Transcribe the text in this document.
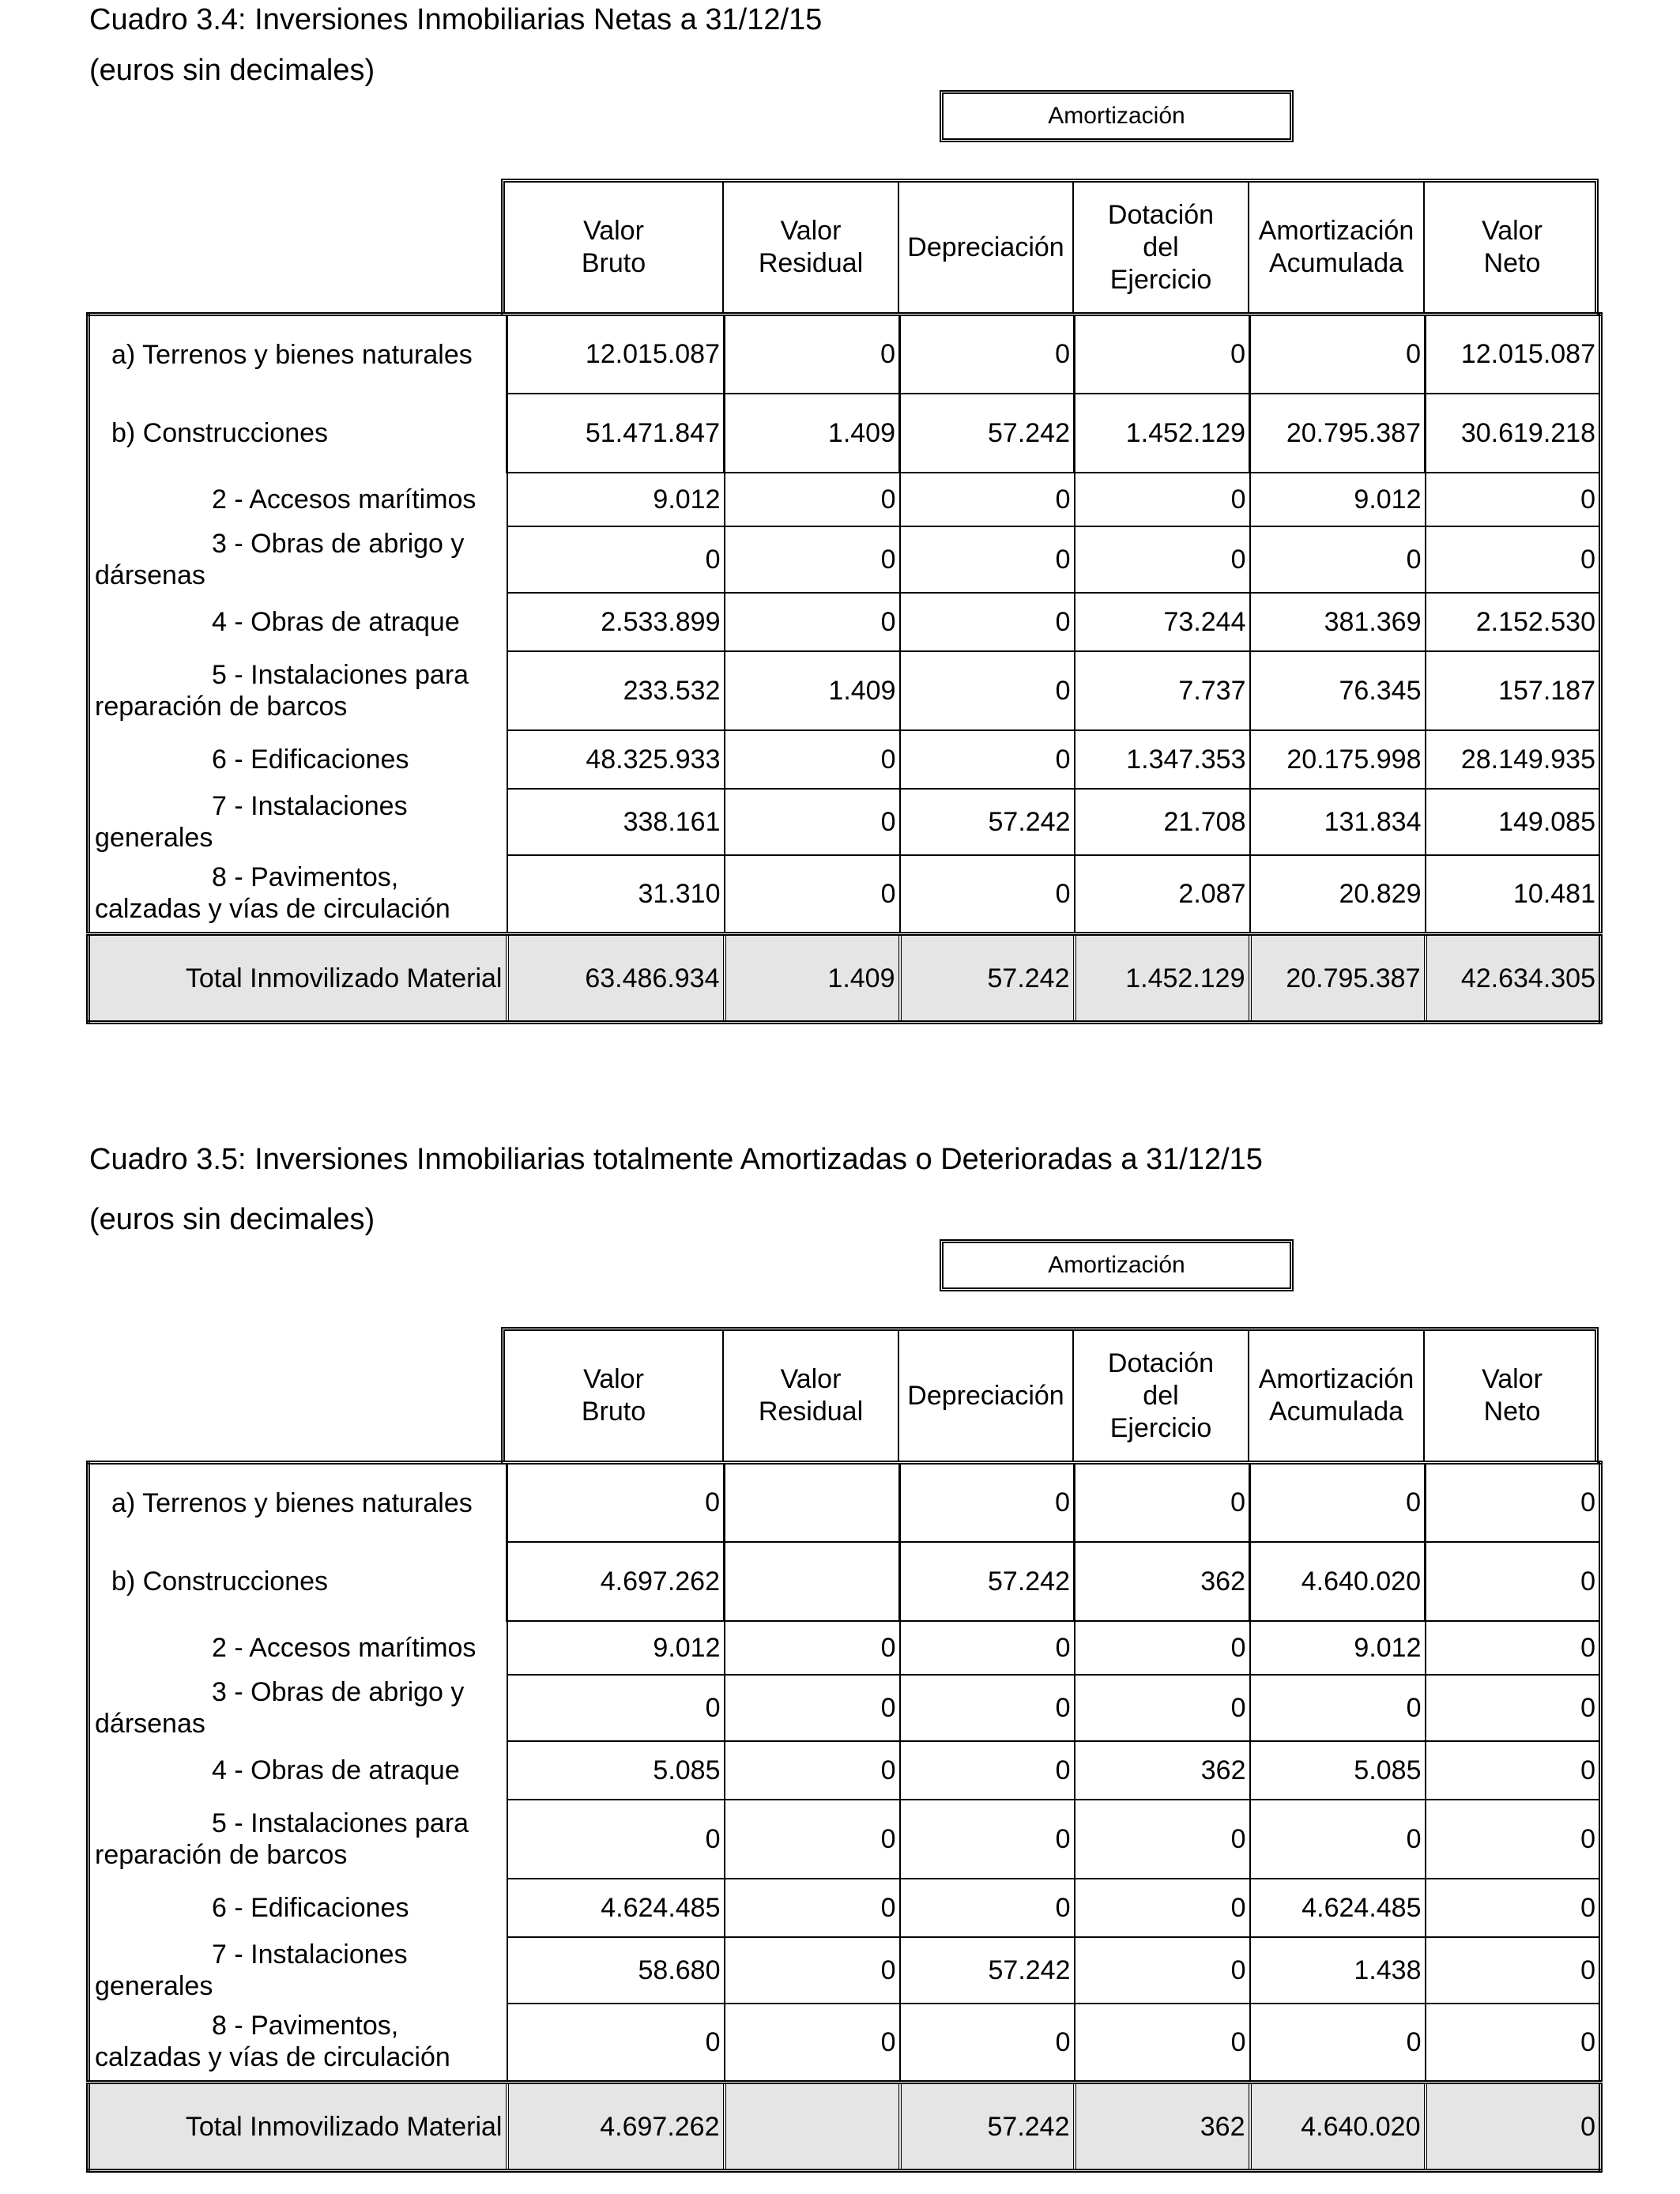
Cuadro 3.4: Inversiones Inmobiliarias Netas a 31/12/15
(euros sin decimales)
Amortización
Valor
Bruto
Valor
Residual
Depreciación
Dotación
del
Ejercicio
Amortización
Acumulada
Valor
Neto
a) Terrenos y bienes naturales	12.015.087	0	0	0	0	12.015.087
b) Construcciones	51.471.847	1.409	57.242	1.452.129	20.795.387	30.619.218
2 - Accesos marítimos	9.012	0	0	0	9.012	0
3 - Obras de abrigo y
dársenas	0	0	0	0	0	0
4 - Obras de atraque	2.533.899	0	0	73.244	381.369	2.152.530
5 - Instalaciones para
reparación de barcos	233.532	1.409	0	7.737	76.345	157.187
6 - Edificaciones	48.325.933	0	0	1.347.353	20.175.998	28.149.935
7 - Instalaciones
generales	338.161	0	57.242	21.708	131.834	149.085
8 - Pavimentos,
calzadas y vías de circulación	31.310	0	0	2.087	20.829	10.481
Total Inmovilizado Material	63.486.934	1.409	57.242	1.452.129	20.795.387	42.634.305
Cuadro 3.5: Inversiones Inmobiliarias totalmente Amortizadas o Deterioradas a 31/12/15
(euros sin decimales)
Amortización
Valor
Bruto
Valor
Residual
Depreciación
Dotación
del
Ejercicio
Amortización
Acumulada
Valor
Neto
a) Terrenos y bienes naturales	0		0	0	0	0
b) Construcciones	4.697.262		57.242	362	4.640.020	0
2 - Accesos marítimos	9.012	0	0	0	9.012	0
3 - Obras de abrigo y
dársenas	0	0	0	0	0	0
4 - Obras de atraque	5.085	0	0	362	5.085	0
5 - Instalaciones para
reparación de barcos	0	0	0	0	0	0
6 - Edificaciones	4.624.485	0	0	0	4.624.485	0
7 - Instalaciones
generales	58.680	0	57.242	0	1.438	0
8 - Pavimentos,
calzadas y vías de circulación	0	0	0	0	0	0
Total Inmovilizado Material	4.697.262		57.242	362	4.640.020	0
